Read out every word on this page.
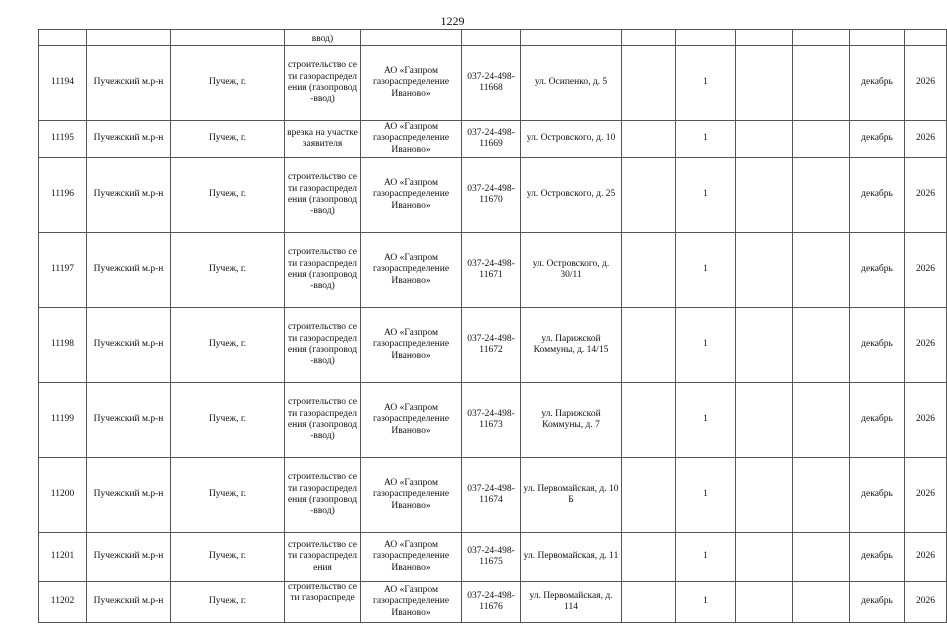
1229
			ввод)									
11194	Пучежский м.р-н	Пучеж, г.	строительство сети газораспределения (газопровод-ввод)	АО «Газпром газораспределение Иваново»	037-24-498-11668	ул. Осипенко, д. 5		1			декабрь	2026
11195	Пучежский м.р-н	Пучеж, г.	врезка на участке заявителя	АО «Газпром газораспределение Иваново»	037-24-498-11669	ул. Островского, д. 10		1			декабрь	2026
11196	Пучежский м.р-н	Пучеж, г.	строительство сети газораспределения (газопровод-ввод)	АО «Газпром газораспределение Иваново»	037-24-498-11670	ул. Островского, д. 25		1			декабрь	2026
11197	Пучежский м.р-н	Пучеж, г.	строительство сети газораспределения (газопровод-ввод)	АО «Газпром газораспределение Иваново»	037-24-498-11671	ул. Островского, д. 30/11		1			декабрь	2026
11198	Пучежский м.р-н	Пучеж, г.	строительство сети газораспределения (газопровод-ввод)	АО «Газпром газораспределение Иваново»	037-24-498-11672	ул. Парижской Коммуны, д. 14/15		1			декабрь	2026
11199	Пучежский м.р-н	Пучеж, г.	строительство сети газораспределения (газопровод-ввод)	АО «Газпром газораспределение Иваново»	037-24-498-11673	ул. Парижской Коммуны, д. 7		1			декабрь	2026
11200	Пучежский м.р-н	Пучеж, г.	строительство сети газораспределения (газопровод-ввод)	АО «Газпром газораспределение Иваново»	037-24-498-11674	ул. Первомайская, д. 10 Б		1			декабрь	2026
11201	Пучежский м.р-н	Пучеж, г.	строительство сети газораспределения	АО «Газпром газораспределение Иваново»	037-24-498-11675	ул. Первомайская, д. 11		1			декабрь	2026
11202	Пучежский м.р-н	Пучеж, г.	строительство сети газораспреде	АО «Газпром газораспределение Иваново»	037-24-498-11676	ул. Первомайская, д. 114		1			декабрь	2026
